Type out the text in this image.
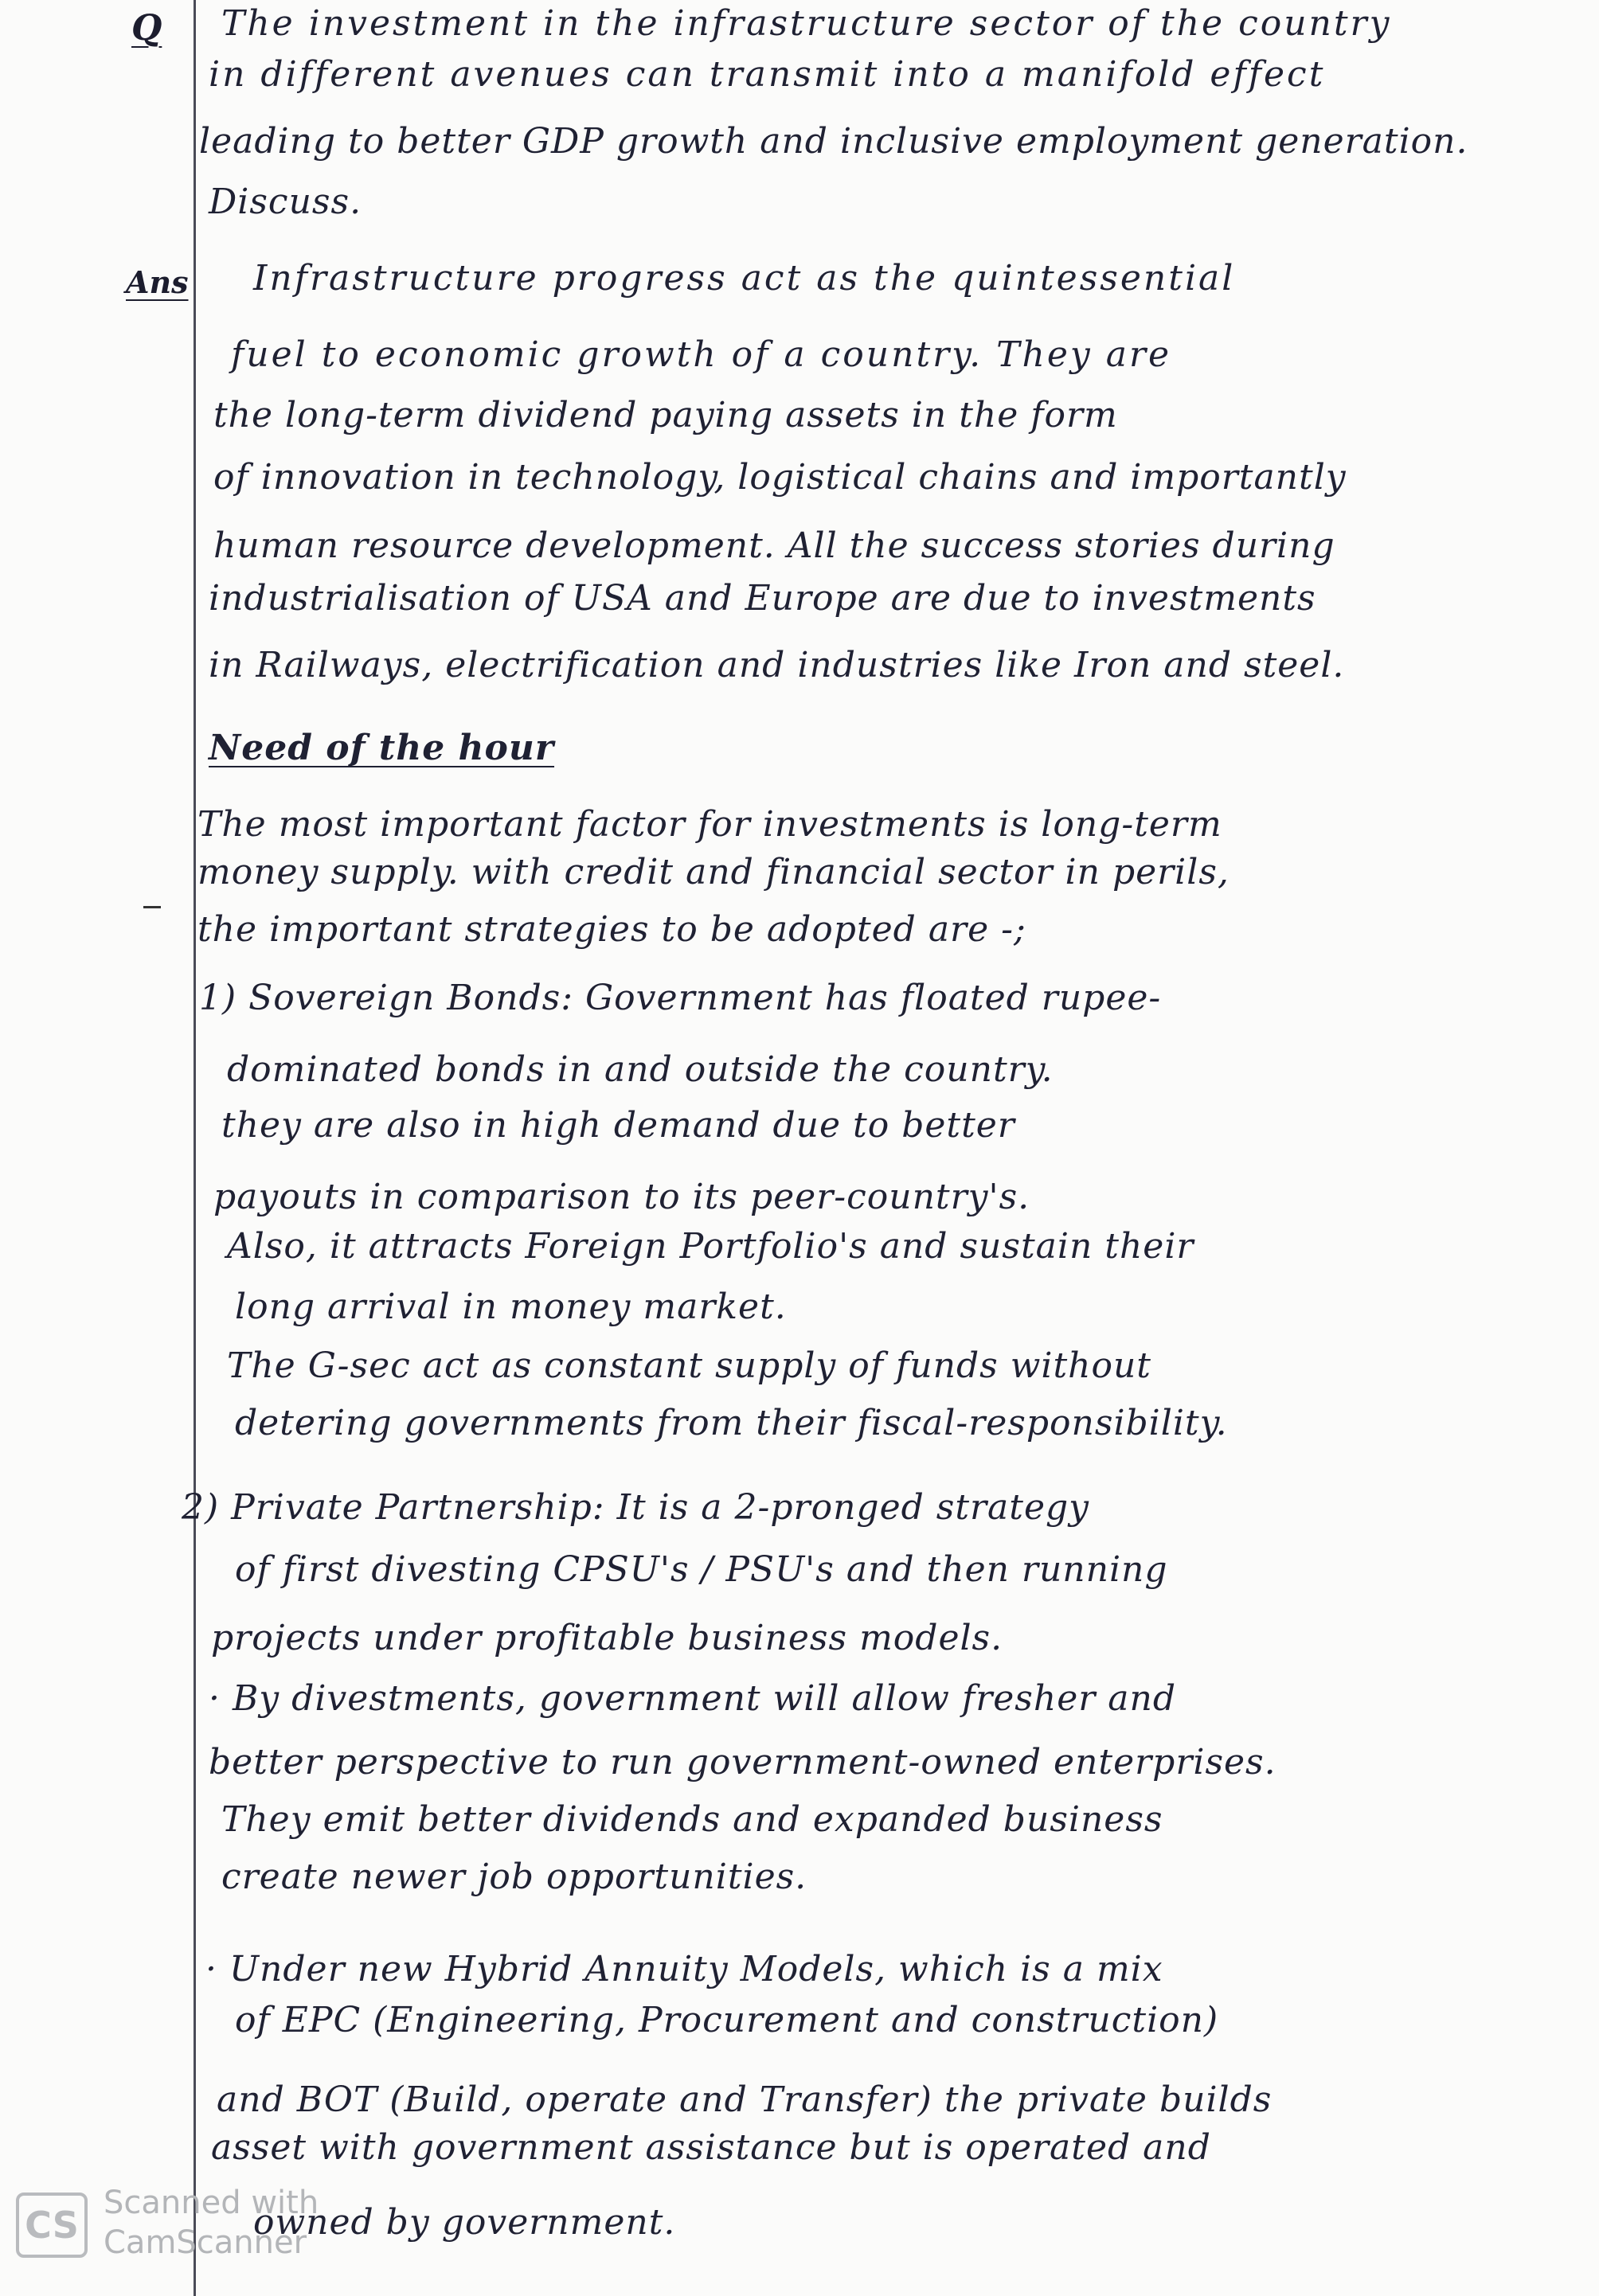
Q The investment in the infrastructure sector of the country
in different avenues can transmit into a manifold effect
leading to better GDP growth and inclusive employment generation.
Discuss.
Ans Infrastructure progress act as the quintessential
fuel to economic growth of a country. They are
the long-term dividend paying assets in the form
of innovation in technology, logistical chains and importantly
human resource development. All the success stories during
industrialisation of USA and Europe are due to investments
in Railways, electrification and industries like Iron and steel.
Need of the hour
The most important factor for investments is long-term
money supply. with credit and financial sector in perils,
the important strategies to be adopted are -;
1) Sovereign Bonds: Government has floated rupee-
dominated bonds in and outside the country.
they are also in high demand due to better
payouts in comparison to its peer-country's.
Also, it attracts Foreign Portfolio's and sustain their
long arrival in money market.
The G-sec act as constant supply of funds without
detering governments from their fiscal-responsibility.
2) Private Partnership: It is a 2-pronged strategy
of first divesting CPSU's / PSU's and then running
projects under profitable business models.
· By divestments, government will allow fresher and
better perspective to run government-owned enterprises.
They emit better dividends and expanded business
create newer job opportunities.
· Under new Hybrid Annuity Models, which is a mix
of EPC (Engineering, Procurement and construction)
and BOT (Build, operate and Transfer) the private builds
asset with government assistance but is operated and
owned by government.
CS
Scanned with
CamScanner
